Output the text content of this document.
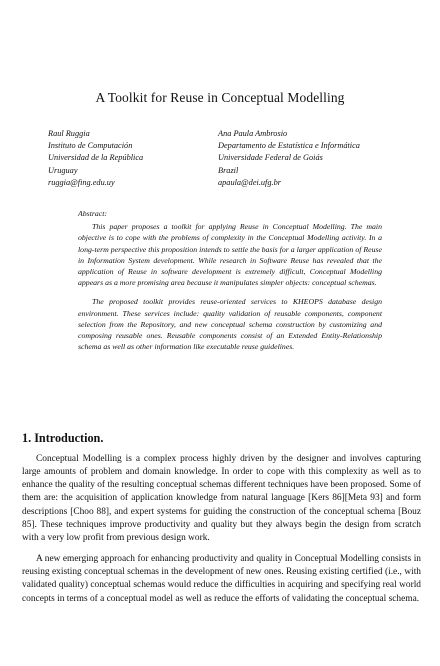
A Toolkit for Reuse in Conceptual Modelling
Raul Ruggia
Instituto de Computación
Universidad de la República
Uruguay
ruggia@fing.edu.uy
Ana Paula Ambrosio
Departamento de Estatística e Informática
Universidade Federal de Goiás
Brazil
apaula@dei.ufg.br
Abstract:

This paper proposes a toolkit for applying Reuse in Conceptual Modelling. The main objective is to cope with the problems of complexity in the Conceptual Modelling activity. In a long-term perspective this proposition intends to settle the basis for a larger application of Reuse in Information System development. While research in Software Reuse has revealed that the application of Reuse in software development is extremely difficult, Conceptual Modelling appears as a more promising area because it manipulates simpler objects: conceptual schemas.

The proposed toolkit provides reuse-oriented services to KHEOPS database design environment. These services include: quality validation of reusable components, component selection from the Repository, and new conceptual schema construction by customizing and composing reusable ones. Reusable components consist of an Extended Entity-Relationship schema as well as other information like executable reuse guidelines.

1. Introduction.

Conceptual Modelling is a complex process highly driven by the designer and involves capturing large amounts of problem and domain knowledge. In order to cope with this complexity as well as to enhance the quality of the resulting conceptual schemas different techniques have been proposed. Some of them are: the acquisition of application knowledge from natural language [Kers 86][Meta 93] and form descriptions [Choo 88], and expert systems for guiding the construction of the conceptual schema [Bouz 85]. These techniques improve productivity and quality but they always begin the design from scratch with a very low profit from previous design work.

A new emerging approach for enhancing productivity and quality in Conceptual Modelling consists in reusing existing conceptual schemas in the development of new ones. Reusing existing certified (i.e., with validated quality) conceptual schemas would reduce the difficulties in acquiring and specifying real world concepts in terms of a conceptual model as well as reduce the efforts of validating the conceptual schema.
